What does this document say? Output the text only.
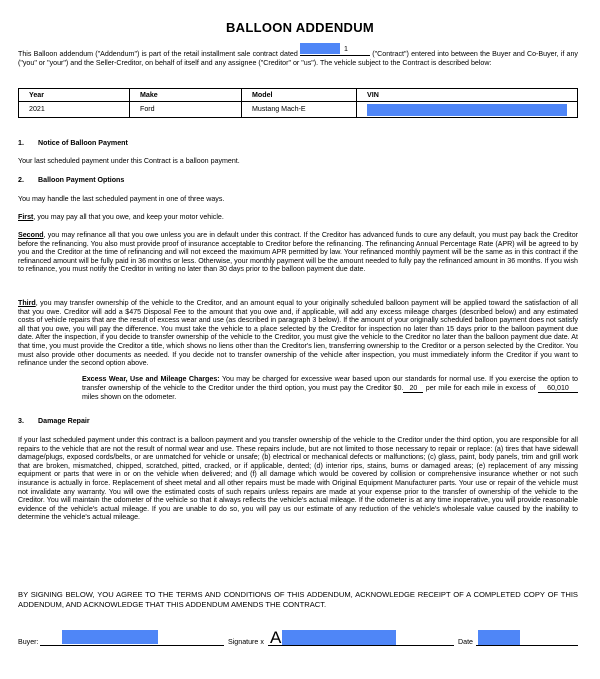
BALLOON ADDENDUM
This Balloon addendum ("Addendum") is part of the retail installment sale contract dated
1
("Contract") entered into between the Buyer and Co-Buyer, if any ("you" or "your") and the Seller-Creditor, on behalf of itself and any assignee ("Creditor" or "us"). The vehicle subject to the Contract is described below:
Year	Make	Model	VIN
2021	Ford	Mustang Mach-E	
1. Notice of Balloon Payment
Your last scheduled payment under this Contract is a balloon payment.
2. Balloon Payment Options
You may handle the last scheduled payment in one of three ways.
First, you may pay all that you owe, and keep your motor vehicle.
Second, you may refinance all that you owe unless you are in default under this contract. If the Creditor has advanced funds to cure any default, you must pay back the Creditor before the refinancing. You also must provide proof of insurance acceptable to Creditor before the refinancing. The refinancing Annual Percentage Rate (APR) will be agreed to by you and the Creditor at the time of refinancing and will not exceed the maximum APR permitted by law. Your refinanced monthly payment will be the same as in this contract if the refinanced amount will be fully paid in 36 months or less. Otherwise, your monthly payment will be the amount needed to fully pay the refinanced amount in 36 months. If you wish to refinance, you must notify the Creditor in writing no later than 30 days prior to the balloon payment due date.
Third, you may transfer ownership of the vehicle to the Creditor, and an amount equal to your originally scheduled balloon payment will be applied toward the satisfaction of all that you owe. Creditor will add a $475 Disposal Fee to the amount that you owe and, if applicable, will add any excess mileage charges (described below) and any estimated costs of vehicle repairs that are the result of excess wear and use (as described in paragraph 3 below). If the amount of your originally scheduled balloon payment does not satisfy all that you owe, you will pay the difference. You must take the vehicle to a place selected by the Creditor for inspection no later than 15 days prior to the balloon payment due date. After the inspection, if you decide to transfer ownership of the vehicle to the Creditor, you must give the vehicle to the Creditor no later than the balloon payment due date. At that time, you must provide the Creditor a title, which shows no liens other than the Creditor's lien, transferring ownership to the Creditor or a person selected by the Creditor. You must also provide other documents as needed. If you decide not to transfer ownership of the vehicle after inspection, you must immediately inform the Creditor if you want to refinance under the second option above.
Excess Wear, Use and Mileage Charges: You may be charged for excessive wear based upon our standards for normal use. If you exercise the option to transfer ownership of the vehicle to the Creditor under the third option, you must pay the Creditor $0. 20 per mile for each mile in excess of 60,010 miles shown on the odometer.
3. Damage Repair
If your last scheduled payment under this contract is a balloon payment and you transfer ownership of the vehicle to the Creditor under the third option, you are responsible for all repairs to the vehicle that are not the result of normal wear and use. These repairs include, but are not limited to those necessary to repair or replace: (a) tires that have sidewall damage/plugs, exposed cords/belts, or are unmatched for vehicle or unsafe; (b) electrical or mechanical defects or malfunctions; (c) glass, paint, body panels, trim and grill work that are broken, mismatched, chipped, scratched, pitted, cracked, or if applicable, dented; (d) interior rips, stains, burns or damaged areas; (e) replacement of any missing equipment or parts that were in or on the vehicle when delivered; and (f) all damage which would be covered by collision or comprehensive insurance whether or not such insurance is actually in force. Replacement of sheet metal and all other repairs must be made with Original Equipment Manufacturer parts. Your use or repair of the vehicle must not invalidate any warranty. You will owe the estimated costs of such repairs unless repairs are made at your expense prior to the transfer of ownership of the vehicle to the Creditor. You will maintain the odometer of the vehicle so that it always reflects the vehicle's actual mileage. If the odometer is at any time inoperative, you will provide reasonable evidence of the vehicle's actual mileage. If you are unable to do so, you will pay us our estimate of any reduction of the vehicle's wholesale value caused by the inability to determine the vehicle's actual mileage.
BY SIGNING BELOW, YOU AGREE TO THE TERMS AND CONDITIONS OF THIS ADDENDUM, ACKNOWLEDGE RECEIPT OF A COMPLETED COPY OF THIS ADDENDUM, AND ACKNOWLEDGE THAT THIS ADDENDUM AMENDS THE CONTRACT.
Buyer:	Signature x A	Date
